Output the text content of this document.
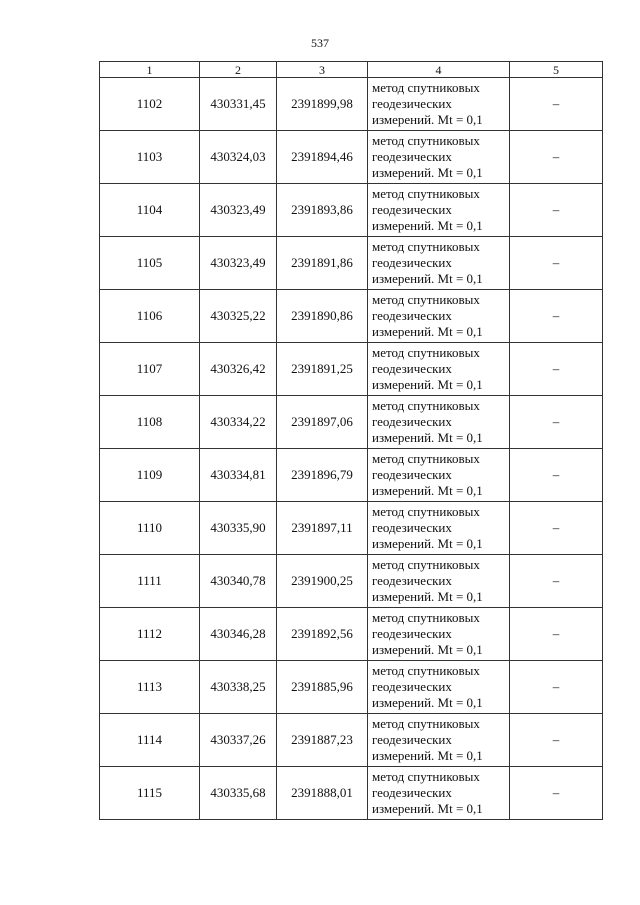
537
1	2	3	4	5
1102	430331,45	2391899,98	метод спутниковых
геодезических
измерений. Mt = 0,1	–
1103	430324,03	2391894,46	метод спутниковых
геодезических
измерений. Mt = 0,1	–
1104	430323,49	2391893,86	метод спутниковых
геодезических
измерений. Mt = 0,1	–
1105	430323,49	2391891,86	метод спутниковых
геодезических
измерений. Mt = 0,1	–
1106	430325,22	2391890,86	метод спутниковых
геодезических
измерений. Mt = 0,1	–
1107	430326,42	2391891,25	метод спутниковых
геодезических
измерений. Mt = 0,1	–
1108	430334,22	2391897,06	метод спутниковых
геодезических
измерений. Mt = 0,1	–
1109	430334,81	2391896,79	метод спутниковых
геодезических
измерений. Mt = 0,1	–
1110	430335,90	2391897,11	метод спутниковых
геодезических
измерений. Mt = 0,1	–
1111	430340,78	2391900,25	метод спутниковых
геодезических
измерений. Mt = 0,1	–
1112	430346,28	2391892,56	метод спутниковых
геодезических
измерений. Mt = 0,1	–
1113	430338,25	2391885,96	метод спутниковых
геодезических
измерений. Mt = 0,1	–
1114	430337,26	2391887,23	метод спутниковых
геодезических
измерений. Mt = 0,1	–
1115	430335,68	2391888,01	метод спутниковых
геодезических
измерений. Mt = 0,1	–
